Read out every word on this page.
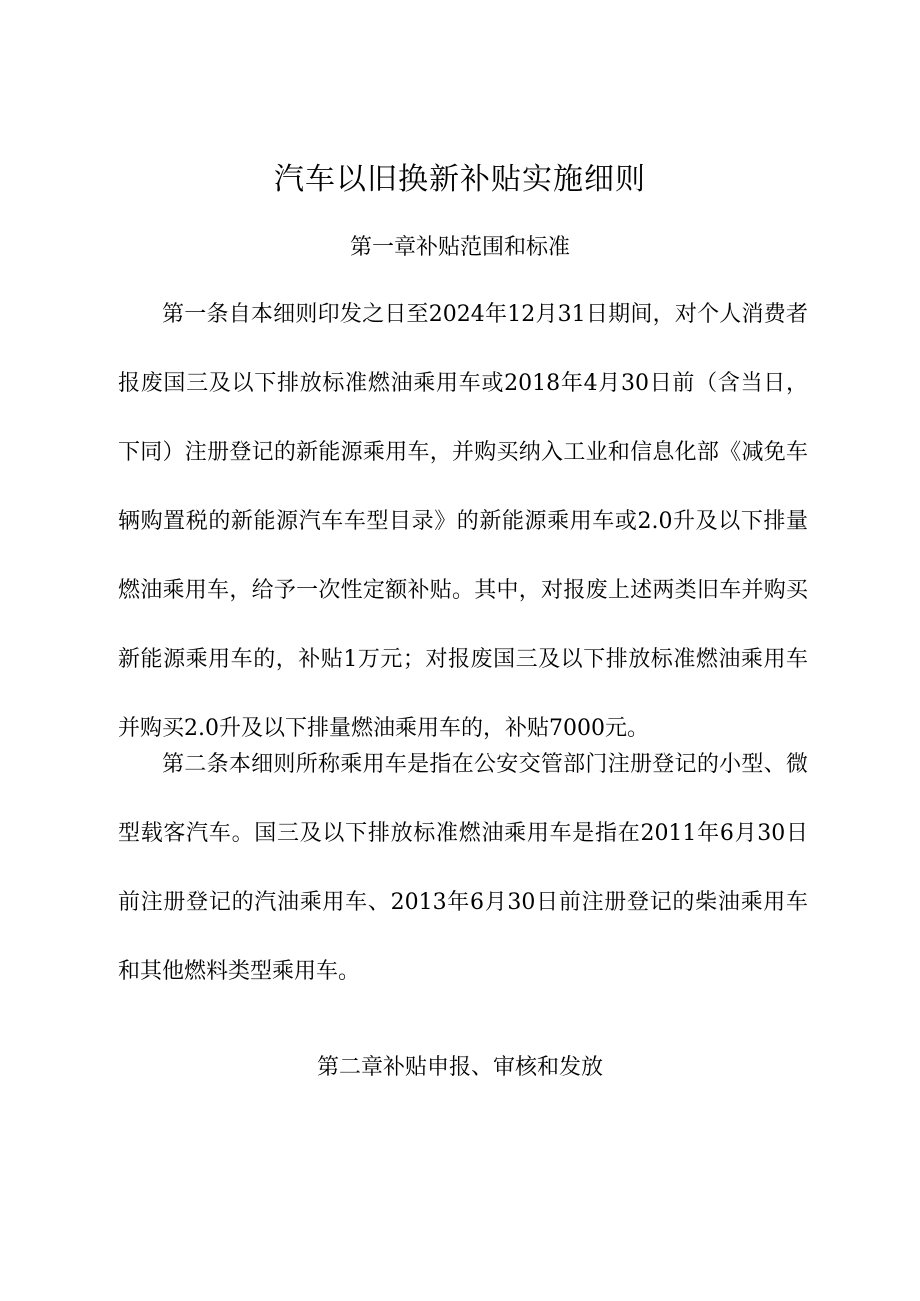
汽车以旧换新补贴实施细则
第一章补贴范围和标准

第一条自本细则印发之日至2024年12月31日期间，对个人消费者报废国三及以下排放标准燃油乘用车或2018年4月30日前（含当日，下同）注册登记的新能源乘用车，并购买纳入工业和信息化部《减免车辆购置税的新能源汽车车型目录》的新能源乘用车或2.0升及以下排量燃油乘用车，给予一次性定额补贴。其中，对报废上述两类旧车并购买新能源乘用车的，补贴1万元；对报废国三及以下排放标准燃油乘用车并购买2.0升及以下排量燃油乘用车的，补贴7000元。

第二条本细则所称乘用车是指在公安交管部门注册登记的小型、微型载客汽车。国三及以下排放标准燃油乘用车是指在2011年6月30日前注册登记的汽油乘用车、2013年6月30日前注册登记的柴油乘用车和其他燃料类型乘用车。

第二章补贴申报、审核和发放
